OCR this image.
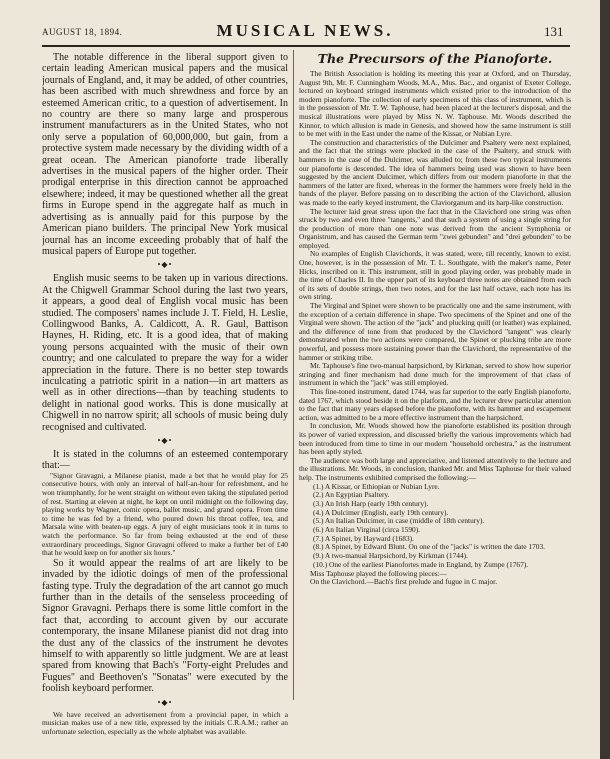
AUGUST 18, 1894.	MUSICAL NEWS.	131

The notable difference in the liberal support given to certain leading American musical papers and the musical journals of England, and, it may be added, of other countries, has been ascribed with much shrewdness and force by an esteemed American critic, to a question of advertisement. In no country are there so many large and prosperous instrument manufacturers as in the United States, who not only serve a population of 60,000,000, but gain, from a protective system made necessary by the dividing width of a great ocean. The American pianoforte trade liberally advertises in the musical papers of the higher order. Their prodigal enterprise in this direction cannot be approached elsewhere; indeed, it may be questioned whether all the great firms in Europe spend in the aggregate half as much in advertising as is annually paid for this purpose by the American piano builders. The principal New York musical journal has an income exceeding probably that of half the musical papers of Europe put together.

•◆•

English music seems to be taken up in various directions. At the Chigwell Grammar School during the last two years, it appears, a good deal of English vocal music has been studied. The composers' names include J. T. Field, H. Leslie, Collingwood Banks, A. Caldicott, A. R. Gaul, Battison Haynes, H. Riding, etc. It is a good idea, that of making young persons acquainted with the music of their own country; and one calculated to prepare the way for a wider appreciation in the future. There is no better step towards inculcating a patriotic spirit in a nation—in art matters as well as in other directions—than by teaching students to delight in national good works. This is done musically at Chigwell in no narrow spirit; all schools of music being duly recognised and cultivated.

•◆•

It is stated in the columns of an esteemed contemporary that:—

"Signor Gravagni, a Milanese pianist, made a bet that he would play for 25 consecutive hours, with only an interval of half-an-hour for refreshment, and he won triumphantly, for he went straight on without even taking the stipulated period of rest. Starting at eleven at night, he kept on until midnight on the following day, playing works by Wagner, comic opera, ballet music, and grand opera. From time to time he was fed by a friend, who poured down his throat coffee, tea, and Marsala wine with beaten-up eggs. A jury of eight musicians took it in turns to watch the performance. So far from being exhausted at the end of these extraordinary proceedings, Signor Gravagni offered to make a further bet of £40 that he would keep on for another six hours."

So it would appear the realms of art are likely to be invaded by the idiotic doings of men of the professional fasting type. Truly the degradation of the art cannot go much further than in the details of the senseless proceeding of Signor Gravagni. Perhaps there is some little comfort in the fact that, according to account given by our accurate contemporary, the insane Milanese pianist did not drag into the dust any of the classics of the instrument he devotes himself to with apparently so little judgment. We are at least spared from knowing that Bach's "Forty-eight Preludes and Fugues" and Beethoven's "Sonatas" were executed by the foolish keyboard performer.

•◆•

We have received an advertisement from a provincial paper, in which a musician makes use of a new title, expressed by the initials C.R.A.M.; rather an unfortunate selection, especially as the whole alphabet was available.

The Precursors of the Pianoforte.

The British Association is holding its meeting this year at Oxford, and on Thursday, August 9th, Mr. F. Cunningham Woods, M.A., Mus. Bac., and organist of Exeter College, lectured on keyboard stringed instruments which existed prior to the introduction of the modern pianoforte. The collection of early specimens of this class of instrument, which is in the possession of Mr. T. W. Taphouse, had been placed at the lecturer's disposal, and the musical illustrations were played by Miss N. W. Taphouse. Mr. Woods described the Kinnor, to which allusion is made in Genesis, and showed how the same instrument is still to be met with in the East under the name of the Kissar, or Nubian Lyre.

The construction and characteristics of the Dulcimer and Psaltery were next explained, and the fact that the strings were plucked in the case of the Psaltery, and struck with hammers in the case of the Dulcimer, was alluded to; from these two typical instruments our pianoforte is descended. The idea of hammers being used was shown to have been suggested by the ancient Dulcimer, which differs from our modern pianoforte in that the hammers of the latter are fixed, whereas in the former the hammers were freely held in the hands of the player. Before passing on to describing the action of the Clavichord, allusion was made to the early keyed instrument, the Claviorganum and its harp-like construction.

The lecturer laid great stress upon the fact that in the Clavichord one string was often struck by two and even three "tangents," and that such a system of using a single string for the production of more than one note was derived from the ancient Symphonia or Organistrum, and has caused the German term "zwei gebunden" and "drei gebunden" to be employed.

No examples of English Clavichords, it was stated, were, till recently, known to exist. One, however, is in the possession of Mr. T. L. Southgate, with the maker's name, Peter Hicks, inscribed on it. This instrument, still in good playing order, was probably made in the time of Charles II. In the upper part of its keyboard three notes are obtained from each of its sets of double strings, then two notes, and for the last half octave, each note has its own string.

The Virginal and Spinet were shown to be practically one and the same instrument, with the exception of a certain difference in shape. Two specimens of the Spinet and one of the Virginal were shown. The action of the "jack" and plucking quill (or leather) was explained, and the difference of tone from that produced by the Clavichord "tangent" was clearly demonstrated when the two actions were compared, the Spinet or plucking tribe are more powerful, and possess more sustaining power than the Clavichord, the representative of the hammer or striking tribe.

Mr. Taphouse's fine two-manual harpsichord, by Kirkman, served to show how superior stringing and finer mechanism had done much for the improvement of that class of instrument in which the "jack" was still employed.

This fine-toned instrument, dated 1744, was far superior to the early English pianoforte, dated 1767, which stood beside it on the platform, and the lecturer drew particular attention to the fact that many years elapsed before the pianoforte, with its hammer and escapement action, was admitted to be a more effective instrument than the harpsichord.

In conclusion, Mr. Woods showed how the pianoforte established its position through its power of varied expression, and discussed briefly the various improvements which had been introduced from time to time in our modern "household orchestra," as the instrument has been aptly styled.

The audience was both large and appreciative, and listened attentively to the lecture and the illustrations. Mr. Woods, in conclusion, thanked Mr. and Miss Taphouse for their valued help. The instruments exhibited comprised the following:—

(1.) A Kissar, or Ethiopian or Nubian Lyre.

(2.) An Egyptian Psaltery.

(3.) An Irish Harp (early 19th century).

(4.) A Dulcimer (English, early 19th century).

(5.) An Italian Dulcimer, in case (middle of 18th century).

(6.) An Italian Virginal (circa 1590).

(7.) A Spinet, by Hayward (1683).

(8.) A Spinet, by Edward Blunt. On one of the "jacks" is written the date 1703.

(9.) A two-manual Harpsichord, by Kirkman (1744).

(10.) One of the earliest Pianofortes made in England, by Zumpe (1767).

Miss Taphouse played the following pieces:—

On the Clavichord.—Bach's first prelude and fugue in C major.
